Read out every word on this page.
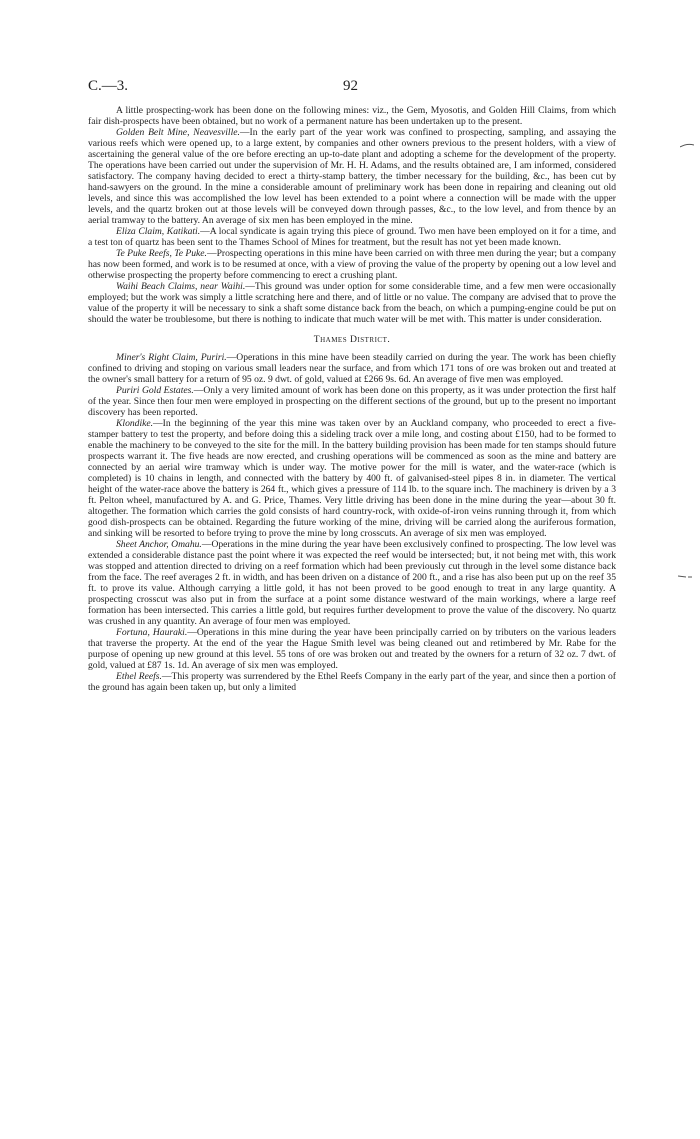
C.—3.	92

A little prospecting-work has been done on the following mines: viz., the Gem, Myosotis, and Golden Hill Claims, from which fair dish-prospects have been obtained, but no work of a permanent nature has been undertaken up to the present.

Golden Belt Mine, Neavesville.—In the early part of the year work was confined to prospecting, sampling, and assaying the various reefs which were opened up, to a large extent, by companies and other owners previous to the present holders, with a view of ascertaining the general value of the ore before erecting an up-to-date plant and adopting a scheme for the development of the property. The operations have been carried out under the supervision of Mr. H. H. Adams, and the results obtained are, I am informed, considered satisfactory. The company having decided to erect a thirty-stamp battery, the timber necessary for the building, &c., has been cut by hand-sawyers on the ground. In the mine a considerable amount of preliminary work has been done in repairing and cleaning out old levels, and since this was accomplished the low level has been extended to a point where a connection will be made with the upper levels, and the quartz broken out at those levels will be conveyed down through passes, &c., to the low level, and from thence by an aerial tramway to the battery. An average of six men has been employed in the mine.

Eliza Claim, Katikati.—A local syndicate is again trying this piece of ground. Two men have been employed on it for a time, and a test ton of quartz has been sent to the Thames School of Mines for treatment, but the result has not yet been made known.

Te Puke Reefs, Te Puke.—Prospecting operations in this mine have been carried on with three men during the year; but a company has now been formed, and work is to be resumed at once, with a view of proving the value of the property by opening out a low level and otherwise prospecting the property before commencing to erect a crushing plant.

Waihi Beach Claims, near Waihi.—This ground was under option for some considerable time, and a few men were occasionally employed; but the work was simply a little scratching here and there, and of little or no value. The company are advised that to prove the value of the property it will be necessary to sink a shaft some distance back from the beach, on which a pumping-engine could be put on should the water be troublesome, but there is nothing to indicate that much water will be met with. This matter is under consideration.

Thames District.

Miner's Right Claim, Puriri.—Operations in this mine have been steadily carried on during the year. The work has been chiefly confined to driving and stoping on various small leaders near the surface, and from which 171 tons of ore was broken out and treated at the owner's small battery for a return of 95 oz. 9 dwt. of gold, valued at £266 9s. 6d. An average of five men was employed.

Puriri Gold Estates.—Only a very limited amount of work has been done on this property, as it was under protection the first half of the year. Since then four men were employed in prospecting on the different sections of the ground, but up to the present no important discovery has been reported.

Klondike.—In the beginning of the year this mine was taken over by an Auckland company, who proceeded to erect a five-stamper battery to test the property, and before doing this a sideling track over a mile long, and costing about £150, had to be formed to enable the machinery to be conveyed to the site for the mill. In the battery building provision has been made for ten stamps should future prospects warrant it. The five heads are now erected, and crushing operations will be commenced as soon as the mine and battery are connected by an aerial wire tramway which is under way. The motive power for the mill is water, and the water-race (which is completed) is 10 chains in length, and connected with the battery by 400 ft. of galvanised-steel pipes 8 in. in diameter. The vertical height of the water-race above the battery is 264 ft., which gives a pressure of 114 lb. to the square inch. The machinery is driven by a 3 ft. Pelton wheel, manufactured by A. and G. Price, Thames. Very little driving has been done in the mine during the year—about 30 ft. altogether. The formation which carries the gold consists of hard country-rock, with oxide-of-iron veins running through it, from which good dish-prospects can be obtained. Regarding the future working of the mine, driving will be carried along the auriferous formation, and sinking will be resorted to before trying to prove the mine by long crosscuts. An average of six men was employed.

Sheet Anchor, Omahu.—Operations in the mine during the year have been exclusively confined to prospecting. The low level was extended a considerable distance past the point where it was expected the reef would be intersected; but, it not being met with, this work was stopped and attention directed to driving on a reef formation which had been previously cut through in the level some distance back from the face. The reef averages 2 ft. in width, and has been driven on a distance of 200 ft., and a rise has also been put up on the reef 35 ft. to prove its value. Although carrying a little gold, it has not been proved to be good enough to treat in any large quantity. A prospecting crosscut was also put in from the surface at a point some distance westward of the main workings, where a large reef formation has been intersected. This carries a little gold, but requires further development to prove the value of the discovery. No quartz was crushed in any quantity. An average of four men was employed.

Fortuna, Hauraki.—Operations in this mine during the year have been principally carried on by tributers on the various leaders that traverse the property. At the end of the year the Hague Smith level was being cleaned out and retimbered by Mr. Rabe for the purpose of opening up new ground at this level. 55 tons of ore was broken out and treated by the owners for a return of 32 oz. 7 dwt. of gold, valued at £87 1s. 1d. An average of six men was employed.

Ethel Reefs.—This property was surrendered by the Ethel Reefs Company in the early part of the year, and since then a portion of the ground has again been taken up, but only a limited
